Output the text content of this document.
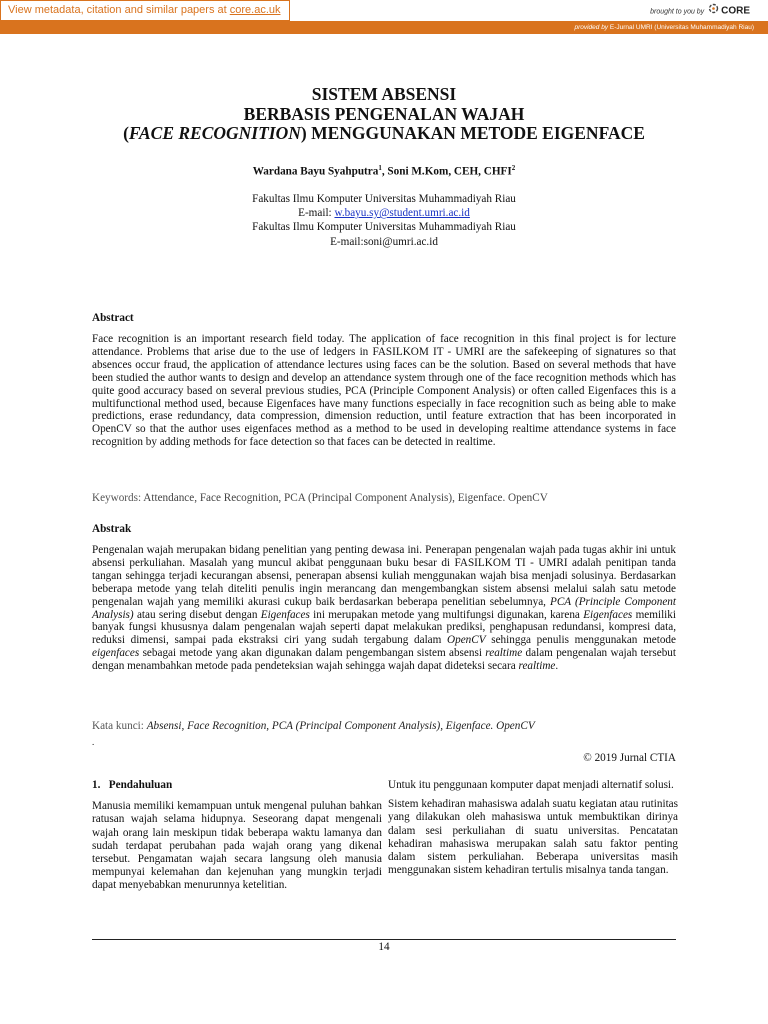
View metadata, citation and similar papers at core.ac.uk	brought to you by CORE
provided by E-Jurnal UMRI (Universitas Muhammadiyah Riau)
SISTEM ABSENSI
BERBASIS PENGENALAN WAJAH
(FACE RECOGNITION) MENGGUNAKAN METODE EIGENFACE
Wardana Bayu Syahputra$^1$, Soni M.Kom, CEH, CHFI$^2$
Fakultas Ilmu Komputer Universitas Muhammadiyah Riau
E-mail: w.bayu.sy@student.umri.ac.id
Fakultas Ilmu Komputer Universitas Muhammadiyah Riau
E-mail:soni@umri.ac.id
Abstract

Face recognition is an important research field today. The application of face recognition in this final project is for lecture attendance. Problems that arise due to the use of ledgers in FASILKOM IT - UMRI are the safekeeping of signatures so that absences occur fraud, the application of attendance lectures using faces can be the solution. Based on several methods that have been studied the author wants to design and develop an attendance system through one of the face recognition methods which has quite good accuracy based on several previous studies, PCA (Principle Component Analysis) or often called Eigenfaces this is a multifunctional method used, because Eigenfaces have many functions especially in face recognition such as being able to make predictions, erase redundancy, data compression, dimension reduction, until feature extraction that has been incorporated in OpenCV so that the author uses eigenfaces method as a method to be used in developing realtime attendance systems in face recognition by adding methods for face detection so that faces can be detected in realtime.

Keywords: Attendance, Face Recognition, PCA (Principal Component Analysis), Eigenface. OpenCV
Abstrak

Pengenalan wajah merupakan bidang penelitian yang penting dewasa ini. Penerapan pengenalan wajah pada tugas akhir ini untuk absensi perkuliahan. Masalah yang muncul akibat penggunaan buku besar di FASILKOM TI - UMRI adalah penitipan tanda tangan sehingga terjadi kecurangan absensi, penerapan absensi kuliah menggunakan wajah bisa menjadi solusinya. Berdasarkan beberapa metode yang telah diteliti penulis ingin merancang dan mengembangkan sistem absensi melalui salah satu metode pengenalan wajah yang memiliki akurasi cukup baik berdasarkan beberapa penelitian sebelumnya, PCA (Principle Component Analysis) atau sering disebut dengan Eigenfaces ini merupakan metode yang multifungsi digunakan, karena Eigenfaces memiliki banyak fungsi khususnya dalam pengenalan wajah seperti dapat melakukan prediksi, penghapusan redundansi, kompresi data, reduksi dimensi, sampai pada ekstraksi ciri yang sudah tergabung dalam OpenCV sehingga penulis menggunakan metode eigenfaces sebagai metode yang akan digunakan dalam pengembangan sistem absensi realtime dalam pengenalan wajah tersebut dengan menambahkan metode pada pendeteksian wajah sehingga wajah dapat dideteksi secara realtime.

Kata kunci: Absensi, Face Recognition, PCA (Principal Component Analysis), Eigenface. OpenCV
.
© 2019 Jurnal CTIA
1.   Pendahuluan

Manusia memiliki kemampuan untuk mengenal puluhan bahkan ratusan wajah selama hidupnya. Seseorang dapat mengenali wajah orang lain meskipun tidak beberapa waktu lamanya dan sudah terdapat perubahan pada wajah orang yang dikenal tersebut. Pengamatan wajah secara langsung oleh manusia mempunyai kelemahan dan kejenuhan yang mungkin terjadi dapat menyebabkan menurunnya ketelitian.

Untuk itu penggunaan komputer dapat menjadi alternatif solusi.

Sistem kehadiran mahasiswa adalah suatu kegiatan atau rutinitas yang dilakukan oleh mahasiswa untuk membuktikan dirinya dalam sesi perkuliahan di suatu universitas. Pencatatan kehadiran mahasiswa merupakan salah satu faktor penting dalam sistem perkuliahan. Beberapa universitas masih menggunakan sistem kehadiran tertulis misalnya tanda tangan.

14
